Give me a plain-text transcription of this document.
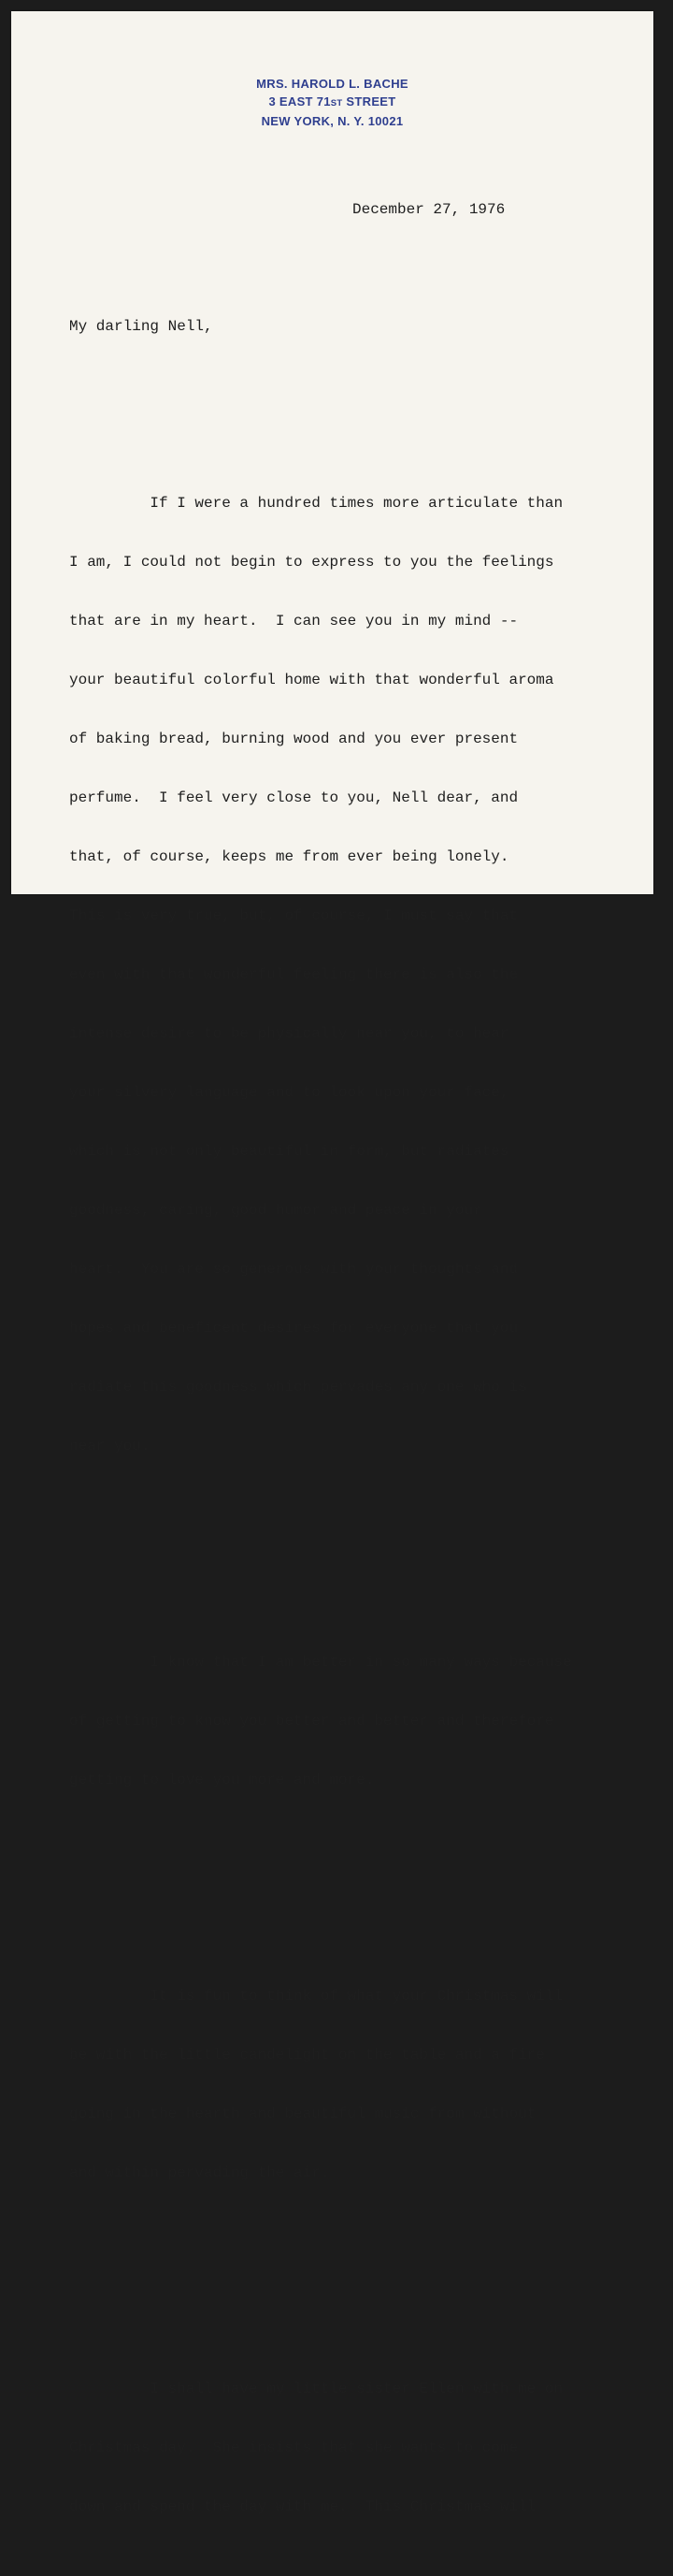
MRS. HAROLD L. BACHE
3 EAST 71ST STREET
NEW YORK, N. Y. 10021

December 27, 1976

My darling Nell,

If I were a hundred times more articulate than

I am, I could not begin to express to you the feelings

that are in my heart.  I can see you in my mind --

your beautiful colorful home with that wonderful aroma

of baking bread, burning wood and you ever present

perfume.  I feel very close to you, Nell dear, and

that, of course, keeps me from ever being lonely.

This is very true, but, of course, I must say that

even with that wonderful feeling there is also the

intense desire to be physically near you, to hear

your silvery language and to look upon your face,

which is not only beautiful in form, but radiates

goodness, caring, good humor and peace in your

heart.  You are so generous with your thoughts and

hopes and beneficent desires for everyone that you

radiate this goodness which pervades any one who is

near you.

I know that I am better in so many ways because

of getting to know you better and better and therefore

getting to love you more and more.

It is fun to think of what your Christmas will

be with the little candelight on the table and a fire

going in the hearth and beautiful music from without

and within pervading the air.

I shall have my little sister Ellen with me on

Christmas day.  She insists that she wants to come

down and spend the day with me.  This Christmas will
